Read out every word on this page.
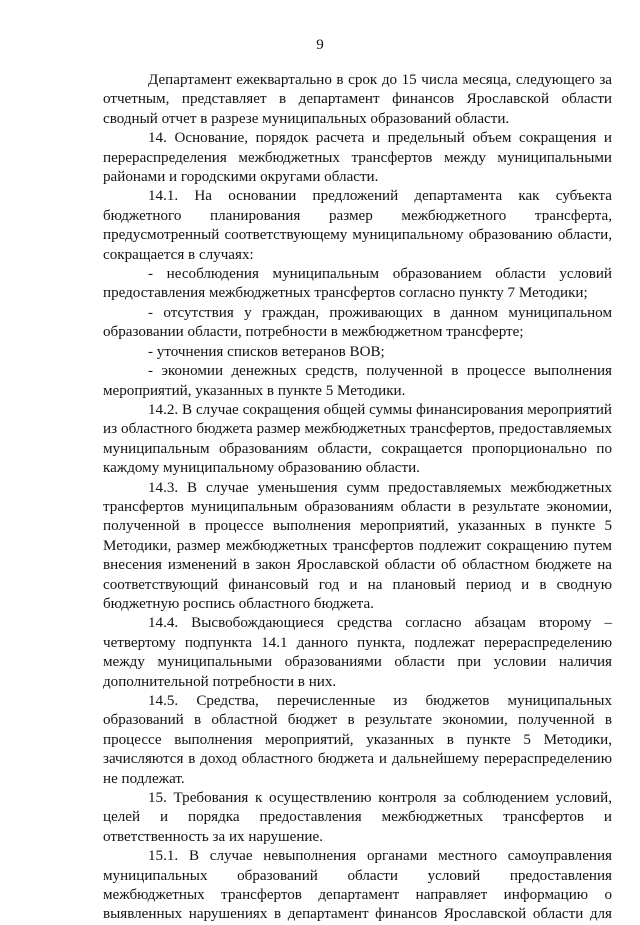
9

Департамент ежеквартально в срок до 15 числа месяца, следующего за отчетным, представляет в департамент финансов Ярославской области сводный отчет в разрезе муниципальных образований области.

14. Основание, порядок расчета и предельный объем сокращения и перераспределения межбюджетных трансфертов между муниципальными районами и городскими округами области.

14.1. На основании предложений департамента как субъекта бюджетного планирования размер межбюджетного трансферта, предусмотренный соответствующему муниципальному образованию области, сокращается в случаях:

- несоблюдения муниципальным образованием области условий предоставления межбюджетных трансфертов согласно пункту 7 Методики;

- отсутствия у граждан, проживающих в данном муниципальном образовании области, потребности в межбюджетном трансферте;

- уточнения списков ветеранов ВОВ;

- экономии денежных средств, полученной в процессе выполнения мероприятий, указанных в пункте 5 Методики.

14.2. В случае сокращения общей суммы финансирования мероприятий из областного бюджета размер межбюджетных трансфертов, предоставляемых муниципальным образованиям области, сокращается пропорционально по каждому муниципальному образованию области.

14.3. В случае уменьшения сумм предоставляемых межбюджетных трансфертов муниципальным образованиям области в результате экономии, полученной в процессе выполнения мероприятий, указанных в пункте 5 Методики, размер межбюджетных трансфертов подлежит сокращению путем внесения изменений в закон Ярославской области об областном бюджете на соответствующий финансовый год и на плановый период и в сводную бюджетную роспись областного бюджета.

14.4. Высвобождающиеся средства согласно абзацам второму – четвертому подпункта 14.1 данного пункта, подлежат перераспределению между муниципальными образованиями области при условии наличия дополнительной потребности в них.

14.5. Средства, перечисленные из бюджетов муниципальных образований в областной бюджет в результате экономии, полученной в процессе выполнения мероприятий, указанных в пункте 5 Методики, зачисляются в доход областного бюджета и дальнейшему перераспределению не подлежат.

15. Требования к осуществлению контроля за соблюдением условий, целей и порядка предоставления межбюджетных трансфертов и ответственность за их нарушение.

15.1. В случае невыполнения органами местного самоуправления муниципальных образований области условий предоставления межбюджетных трансфертов департамент направляет информацию о выявленных нарушениях в департамент финансов Ярославской области для
